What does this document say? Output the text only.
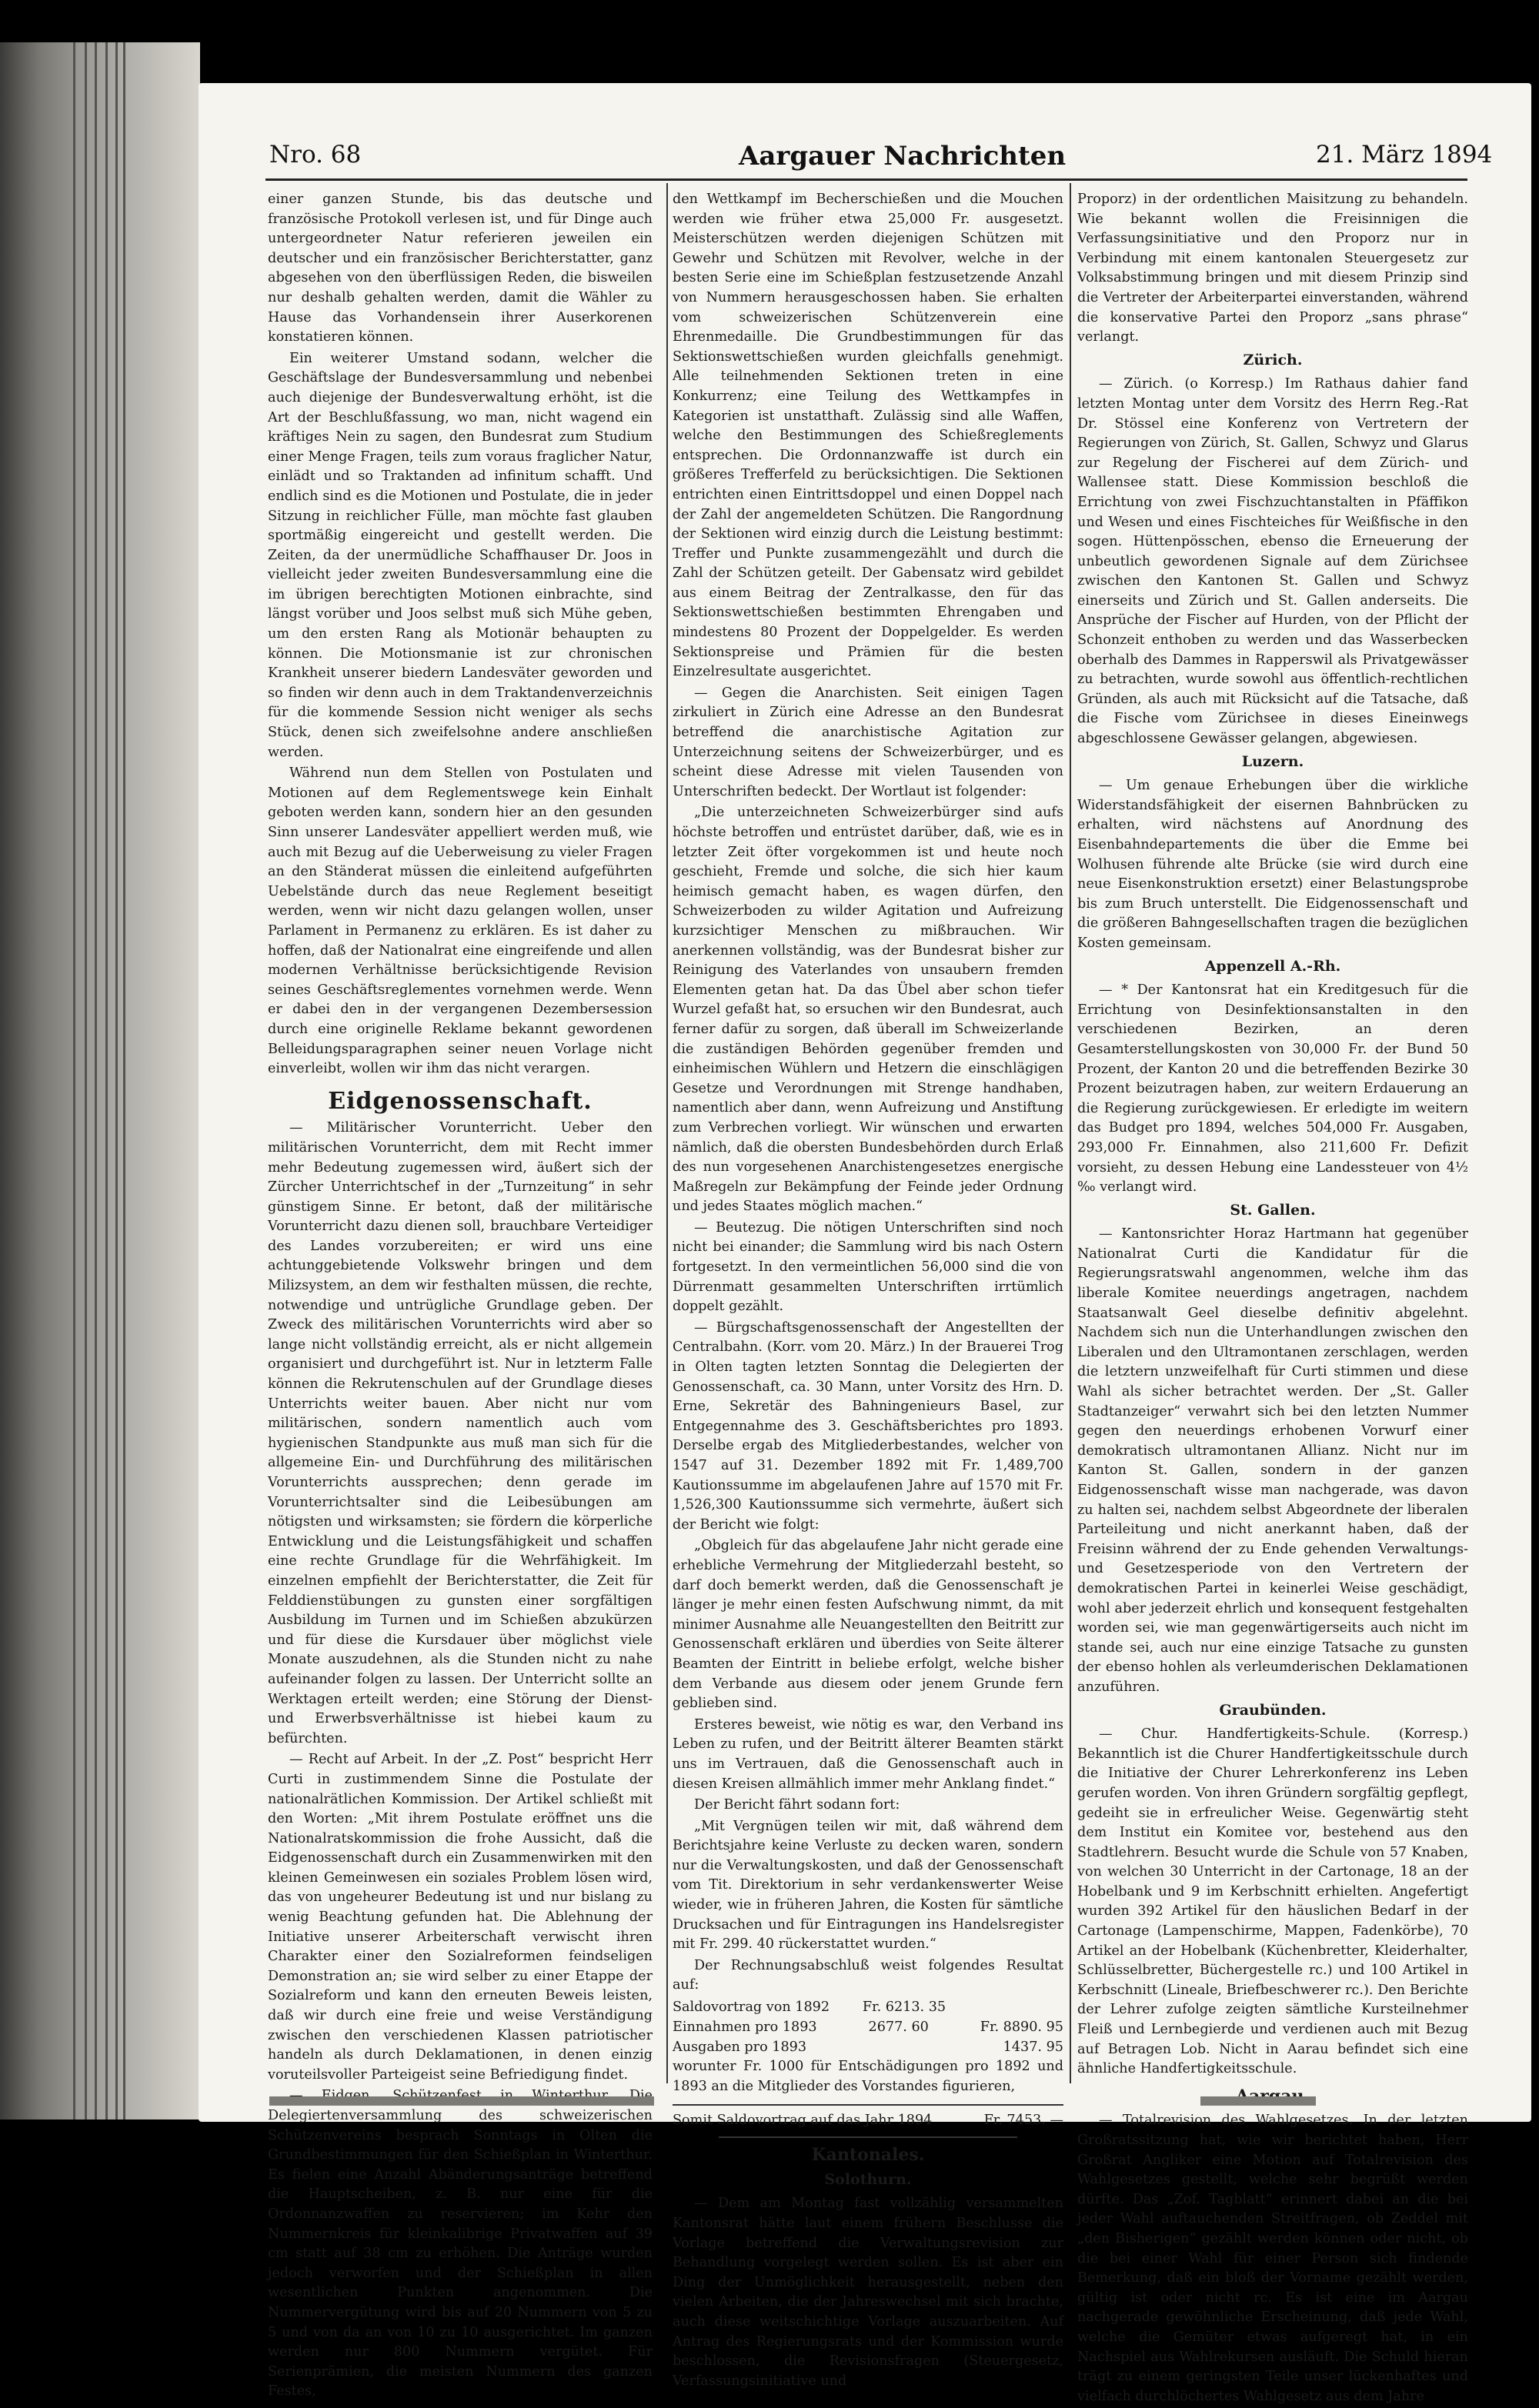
Nro. 68	Aargauer Nachrichten	21. März 1894

einer ganzen Stunde, bis das deutsche und französische Protokoll verlesen ist, und für Dinge auch untergeordneter Natur referieren jeweilen ein deutscher und ein französischer Berichterstatter, ganz abgesehen von den überflüssigen Reden, die bisweilen nur deshalb gehalten werden, damit die Wähler zu Hause das Vorhandensein ihrer Auserkorenen konstatieren können.

Ein weiterer Umstand sodann, welcher die Geschäftslage der Bundesversammlung und nebenbei auch diejenige der Bundesverwaltung erhöht, ist die Art der Beschlußfassung, wo man, nicht wagend ein kräftiges Nein zu sagen, den Bundesrat zum Studium einer Menge Fragen, teils zum voraus fraglicher Natur, einlädt und so Traktanden ad infinitum schafft. Und endlich sind es die Motionen und Postulate, die in jeder Sitzung in reichlicher Fülle, man möchte fast glauben sportmäßig eingereicht und gestellt werden. Die Zeiten, da der unermüdliche Schaffhauser Dr. Joos in vielleicht jeder zweiten Bundesversammlung eine die im übrigen berechtigten Motionen einbrachte, sind längst vorüber und Joos selbst muß sich Mühe geben, um den ersten Rang als Motionär behaupten zu können. Die Motionsmanie ist zur chronischen Krankheit unserer biedern Landesväter geworden und so finden wir denn auch in dem Traktandenverzeichnis für die kommende Session nicht weniger als sechs Stück, denen sich zweifelsohne andere anschließen werden.

Während nun dem Stellen von Postulaten und Motionen auf dem Reglementswege kein Einhalt geboten werden kann, sondern hier an den gesunden Sinn unserer Landesväter appelliert werden muß, wie auch mit Bezug auf die Ueberweisung zu vieler Fragen an den Ständerat müssen die einleitend aufgeführten Uebelstände durch das neue Reglement beseitigt werden, wenn wir nicht dazu gelangen wollen, unser Parlament in Permanenz zu erklären. Es ist daher zu hoffen, daß der Nationalrat eine eingreifende und allen modernen Verhältnisse berücksichtigende Revision seines Geschäftsreglementes vornehmen werde. Wenn er dabei den in der vergangenen Dezembersession durch eine originelle Reklame bekannt gewordenen Belleidungsparagraphen seiner neuen Vorlage nicht einverleibt, wollen wir ihm das nicht verargen.

Eidgenossenschaft.

— Militärischer Vorunterricht. Ueber den militärischen Vorunterricht, dem mit Recht immer mehr Bedeutung zugemessen wird, äußert sich der Zürcher Unterrichtschef in der „Turnzeitung“ in sehr günstigem Sinne. Er betont, daß der militärische Vorunterricht dazu dienen soll, brauchbare Verteidiger des Landes vorzubereiten; er wird uns eine achtunggebietende Volkswehr bringen und dem Milizsystem, an dem wir festhalten müssen, die rechte, notwendige und untrügliche Grundlage geben. Der Zweck des militärischen Vorunterrichts wird aber so lange nicht vollständig erreicht, als er nicht allgemein organisiert und durchgeführt ist. Nur in letzterm Falle können die Rekrutenschulen auf der Grundlage dieses Unterrichts weiter bauen. Aber nicht nur vom militärischen, sondern namentlich auch vom hygienischen Standpunkte aus muß man sich für die allgemeine Ein- und Durchführung des militärischen Vorunterrichts aussprechen; denn gerade im Vorunterrichtsalter sind die Leibesübungen am nötigsten und wirksamsten; sie fördern die körperliche Entwicklung und die Leistungsfähigkeit und schaffen eine rechte Grundlage für die Wehrfähigkeit. Im einzelnen empfiehlt der Berichterstatter, die Zeit für Felddienstübungen zu gunsten einer sorgfältigen Ausbildung im Turnen und im Schießen abzukürzen und für diese die Kursdauer über möglichst viele Monate auszudehnen, als die Stunden nicht zu nahe aufeinander folgen zu lassen. Der Unterricht sollte an Werktagen erteilt werden; eine Störung der Dienst- und Erwerbsverhältnisse ist hiebei kaum zu befürchten.

— Recht auf Arbeit. In der „Z. Post“ bespricht Herr Curti in zustimmendem Sinne die Postulate der nationalrätlichen Kommission. Der Artikel schließt mit den Worten: „Mit ihrem Postulate eröffnet uns die Nationalratskommission die frohe Aussicht, daß die Eidgenossenschaft durch ein Zusammenwirken mit den kleinen Gemeinwesen ein soziales Problem lösen wird, das von ungeheurer Bedeutung ist und nur bislang zu wenig Beachtung gefunden hat. Die Ablehnung der Initiative unserer Arbeiterschaft verwischt ihren Charakter einer den Sozialreformen feindseligen Demonstration an; sie wird selber zu einer Etappe der Sozialreform und kann den erneuten Beweis leisten, daß wir durch eine freie und weise Verständigung zwischen den verschiedenen Klassen patriotischer handeln als durch Deklamationen, in denen einzig voruteilsvoller Parteigeist seine Befriedigung findet.

Delegiertenversammlung des schweizerischen Schützenvereins besprach Sonntags in Olten die Grundbestimmungen für den Schießplan in Winterthur. Es fielen eine Anzahl Abänderungsanträge betreffend die Hauptscheiben, z. B. nur eine für die Ordonnanzwaffen zu reservieren; im Kehr den Nummernkreis für kleinkalibrige Privatwaffen auf 39 cm statt auf 38 cm zu erhöhen. Die Anträge wurden jedoch verworfen und der Schießplan in allen wesentlichen Punkten angenommen. Die Nummervergütung wird bis auf 20 Nummern von 5 zu 5 und von da an von 10 zu 10 ausgerichtet. Im ganzen werden nur 800 Nummern vergütet. Für Serienprämien, die meisten Nummern des ganzen Festes,

den Wettkampf im Becherschießen und die Mouchen werden wie früher etwa 25,000 Fr. ausgesetzt. Meisterschützen werden diejenigen Schützen mit Gewehr und Schützen mit Revolver, welche in der besten Serie eine im Schießplan festzusetzende Anzahl von Nummern herausgeschossen haben. Sie erhalten vom schweizerischen Schützenverein eine Ehrenmedaille. Die Grundbestimmungen für das Sektionswettschießen wurden gleichfalls genehmigt. Alle teilnehmenden Sektionen treten in eine Konkurrenz; eine Teilung des Wettkampfes in Kategorien ist unstatthaft. Zulässig sind alle Waffen, welche den Bestimmungen des Schießreglements entsprechen. Die Ordonnanzwaffe ist durch ein größeres Trefferfeld zu berücksichtigen. Die Sektionen entrichten einen Eintrittsdoppel und einen Doppel nach der Zahl der angemeldeten Schützen. Die Rangordnung der Sektionen wird einzig durch die Leistung bestimmt: Treffer und Punkte zusammengezählt und durch die Zahl der Schützen geteilt. Der Gabensatz wird gebildet aus einem Beitrag der Zentralkasse, den für das Sektionswettschießen bestimmten Ehrengaben und mindestens 80 Prozent der Doppelgelder. Es werden Sektionspreise und Prämien für die besten Einzelresultate ausgerichtet.

— Gegen die Anarchisten. Seit einigen Tagen zirkuliert in Zürich eine Adresse an den Bundesrat betreffend die anarchistische Agitation zur Unterzeichnung seitens der Schweizerbürger, und es scheint diese Adresse mit vielen Tausenden von Unterschriften bedeckt. Der Wortlaut ist folgender:

„Die unterzeichneten Schweizerbürger sind aufs höchste betroffen und entrüstet darüber, daß, wie es in letzter Zeit öfter vorgekommen ist und heute noch geschieht, Fremde und solche, die sich hier kaum heimisch gemacht haben, es wagen dürfen, den Schweizerboden zu wilder Agitation und Aufreizung kurzsichtiger Menschen zu mißbrauchen. Wir anerkennen vollständig, was der Bundesrat bisher zur Reinigung des Vaterlandes von unsaubern fremden Elementen getan hat. Da das Übel aber schon tiefer Wurzel gefaßt hat, so ersuchen wir den Bundesrat, auch ferner dafür zu sorgen, daß überall im Schweizerlande die zuständigen Behörden gegenüber fremden und einheimischen Wühlern und Hetzern die einschlägigen Gesetze und Verordnungen mit Strenge handhaben, namentlich aber dann, wenn Aufreizung und Anstiftung zum Verbrechen vorliegt. Wir wünschen und erwarten nämlich, daß die obersten Bundesbehörden durch Erlaß des nun vorgesehenen Anarchistengesetzes energische Maßregeln zur Bekämpfung der Feinde jeder Ordnung und jedes Staates möglich machen.“

— Beutezug. Die nötigen Unterschriften sind noch nicht bei einander; die Sammlung wird bis nach Ostern fortgesetzt. In den vermeintlichen 56,000 sind die von Dürrenmatt gesammelten Unterschriften irrtümlich doppelt gezählt.

— Bürgschaftsgenossenschaft der Angestellten der Centralbahn. (Korr. vom 20. März.) In der Brauerei Trog in Olten tagten letzten Sonntag die Delegierten der Genossenschaft, ca. 30 Mann, unter Vorsitz des Hrn. D. Erne, Sekretär des Bahningenieurs Basel, zur Entgegennahme des 3. Geschäftsberichtes pro 1893. Derselbe ergab des Mitgliederbestandes, welcher von 1547 auf 31. Dezember 1892 mit Fr. 1,489,700 Kautionssumme im abgelaufenen Jahre auf 1570 mit Fr. 1,526,300 Kautionssumme sich vermehrte, äußert sich der Bericht wie folgt:

„Obgleich für das abgelaufene Jahr nicht gerade eine erhebliche Vermehrung der Mitgliederzahl besteht, so darf doch bemerkt werden, daß die Genossenschaft je länger je mehr einen festen Aufschwung nimmt, da mit minimer Ausnahme alle Neuangestellten den Beitritt zur Genossenschaft erklären und überdies von Seite älterer Beamten der Eintritt in beliebe erfolgt, welche bisher dem Verbande aus diesem oder jenem Grunde fern geblieben sind.

Ersteres beweist, wie nötig es war, den Verband ins Leben zu rufen, und der Beitritt älterer Beamten stärkt uns im Vertrauen, daß die Genossenschaft auch in diesen Kreisen allmählich immer mehr Anklang findet.“

Der Bericht fährt sodann fort:

„Mit Vergnügen teilen wir mit, daß während dem Berichtsjahre keine Verluste zu decken waren, sondern nur die Verwaltungskosten, und daß der Genossenschaft vom Tit. Direktorium in sehr verdankenswerter Weise wieder, wie in früheren Jahren, die Kosten für sämtliche Drucksachen und für Eintragungen ins Handelsregister mit Fr. 299. 40 rückerstattet wurden.“

Der Rechnungsabschluß weist folgendes Resultat auf:

Saldovortrag von 1892 Fr. 6213. 35
Einnahmen pro 1893	2677. 60	Fr. 8890. 95
Ausgaben pro 1893	1437. 95

worunter Fr. 1000 für Entschädigungen pro 1892 und 1893 an die Mitglieder des Vorstandes figurieren,

Somit Saldovortrag auf das Jahr 1894	Fr. 7453. —
Kantonales.
Solothurn.

— Dem am Montag fast vollzählig versammelten Kantonsrat hätte laut einem frühern Beschlusse die Vorlage betreffend die Verwaltungsrevision zur Behandlung vorgelegt werden sollen. Es ist aber ein Ding der Unmöglichkeit herausgestellt, neben den vielen Arbeiten, die der Jahreswechsel mit sich brachte, auch diese weitschichtige Vorlage auszuarbeiten. Auf Antrag des Regierungsrats und der Kommission wurde beschlossen, die Revisionsfragen (Steuergesetz, Verfassungsinitiative und

Proporz) in der ordentlichen Maisitzung zu behandeln. Wie bekannt wollen die Freisinnigen die Verfassungsinitiative und den Proporz nur in Verbindung mit einem kantonalen Steuergesetz zur Volksabstimmung bringen und mit diesem Prinzip sind die Vertreter der Arbeiterpartei einverstanden, während die konservative Partei den Proporz „sans phrase“ verlangt.

Zürich.

— Zürich. (o Korresp.) Im Rathaus dahier fand letzten Montag unter dem Vorsitz des Herrn Reg.-Rat Dr. Stössel eine Konferenz von Vertretern der Regierungen von Zürich, St. Gallen, Schwyz und Glarus zur Regelung der Fischerei auf dem Zürich- und Wallensee statt. Diese Kommission beschloß die Errichtung von zwei Fischzuchtanstalten in Pfäffikon und Wesen und eines Fischteiches für Weißfische in den sogen. Hüttenpösschen, ebenso die Erneuerung der unbeutlich gewordenen Signale auf dem Zürichsee zwischen den Kantonen St. Gallen und Schwyz einerseits und Zürich und St. Gallen anderseits. Die Ansprüche der Fischer auf Hurden, von der Pflicht der Schonzeit enthoben zu werden und das Wasserbecken oberhalb des Dammes in Rapperswil als Privatgewässer zu betrachten, wurde sowohl aus öffentlich-rechtlichen Gründen, als auch mit Rücksicht auf die Tatsache, daß die Fische vom Zürichsee in dieses Eineinwegs abgeschlossene Gewässer gelangen, abgewiesen.

Luzern.

— Um genaue Erhebungen über die wirkliche Widerstandsfähigkeit der eisernen Bahnbrücken zu erhalten, wird nächstens auf Anordnung des Eisenbahndepartements die über die Emme bei Wolhusen führende alte Brücke (sie wird durch eine neue Eisenkonstruktion ersetzt) einer Belastungsprobe bis zum Bruch unterstellt. Die Eidgenossenschaft und die größeren Bahngesellschaften tragen die bezüglichen Kosten gemeinsam.

Appenzell A.-Rh.

— * Der Kantonsrat hat ein Kreditgesuch für die Errichtung von Desinfektionsanstalten in den verschiedenen Bezirken, an deren Gesamterstellungskosten von 30,000 Fr. der Bund 50 Prozent, der Kanton 20 und die betreffenden Bezirke 30 Prozent beizutragen haben, zur weitern Erdauerung an die Regierung zurückgewiesen. Er erledigte im weitern das Budget pro 1894, welches 504,000 Fr. Ausgaben, 293,000 Fr. Einnahmen, also 211,600 Fr. Defizit vorsieht, zu dessen Hebung eine Landessteuer von 4½ ‰ verlangt wird.

St. Gallen.

— Kantonsrichter Horaz Hartmann hat gegenüber Nationalrat Curti die Kandidatur für die Regierungsratswahl angenommen, welche ihm das liberale Komitee neuerdings angetragen, nachdem Staatsanwalt Geel dieselbe definitiv abgelehnt. Nachdem sich nun die Unterhandlungen zwischen den Liberalen und den Ultramontanen zerschlagen, werden die letztern unzweifelhaft für Curti stimmen und diese Wahl als sicher betrachtet werden. Der „St. Galler Stadtanzeiger“ verwahrt sich bei den letzten Nummer gegen den neuerdings erhobenen Vorwurf einer demokratisch ultramontanen Allianz. Nicht nur im Kanton St. Gallen, sondern in der ganzen Eidgenossenschaft wisse man nachgerade, was davon zu halten sei, nachdem selbst Abgeordnete der liberalen Parteileitung und nicht anerkannt haben, daß der Freisinn während der zu Ende gehenden Verwaltungs- und Gesetzesperiode von den Vertretern der demokratischen Partei in keinerlei Weise geschädigt, wohl aber jederzeit ehrlich und konsequent festgehalten worden sei, wie man gegenwärtigerseits auch nicht im stande sei, auch nur eine einzige Tatsache zu gunsten der ebenso hohlen als verleumderischen Deklamationen anzuführen.

Graubünden.

— Chur. Handfertigkeits-Schule. (Korresp.) Bekanntlich ist die Churer Handfertigkeitsschule durch die Initiative der Churer Lehrerkonferenz ins Leben gerufen worden. Von ihren Gründern sorgfältig gepflegt, gedeiht sie in erfreulicher Weise. Gegenwärtig steht dem Institut ein Komitee vor, bestehend aus den Stadtlehrern. Besucht wurde die Schule von 57 Knaben, von welchen 30 Unterricht in der Cartonage, 18 an der Hobelbank und 9 im Kerbschnitt erhielten. Angefertigt wurden 392 Artikel für den häuslichen Bedarf in der Cartonage (Lampenschirme, Mappen, Fadenkörbe), 70 Artikel an der Hobelbank (Küchenbretter, Kleiderhalter, Schlüsselbretter, Büchergestelle rc.) und 100 Artikel in Kerbschnitt (Lineale, Briefbeschwerer rc.). Den Berichte der Lehrer zufolge zeigten sämtliche Kursteilnehmer Fleiß und Lernbegierde und verdienen auch mit Bezug auf Betragen Lob. Nicht in Aarau befindet sich eine ähnliche Handfertigkeitsschule.

— Totalrevision des Wahlgesetzes. In der letzten Großratssitzung hat, wie wir berichtet haben, Herr Großrat Angliker eine Motion auf Totalrevision des Wahlgesetzes gestellt, welche sehr begrüßt werden dürfte. Das „Zof. Tagblatt“ erinnert dabei an die bei jeder Wahl auftauchenden Streitfragen, ob Zeddel mit „den Bisherigen“ gezählt werden können oder nicht, ob die bei einer Wahl für einer Person sich findende Bemerkung, daß ein bloß der Vorname gezählt werden, gültig ist oder nicht rc. Es ist eine im Aargau nachgerade gewöhnliche Erscheinung, daß jede Wahl, welche die Gemüter etwas aufgeregt hat, in ein Nachspiel aus Wahlrekursen ausläuft. Die Schuld hieran trägt zu einem geringsten Teile unser lückenhaftes und vielfach durchlöchertes Wahlgesetz aus dem Jahre
